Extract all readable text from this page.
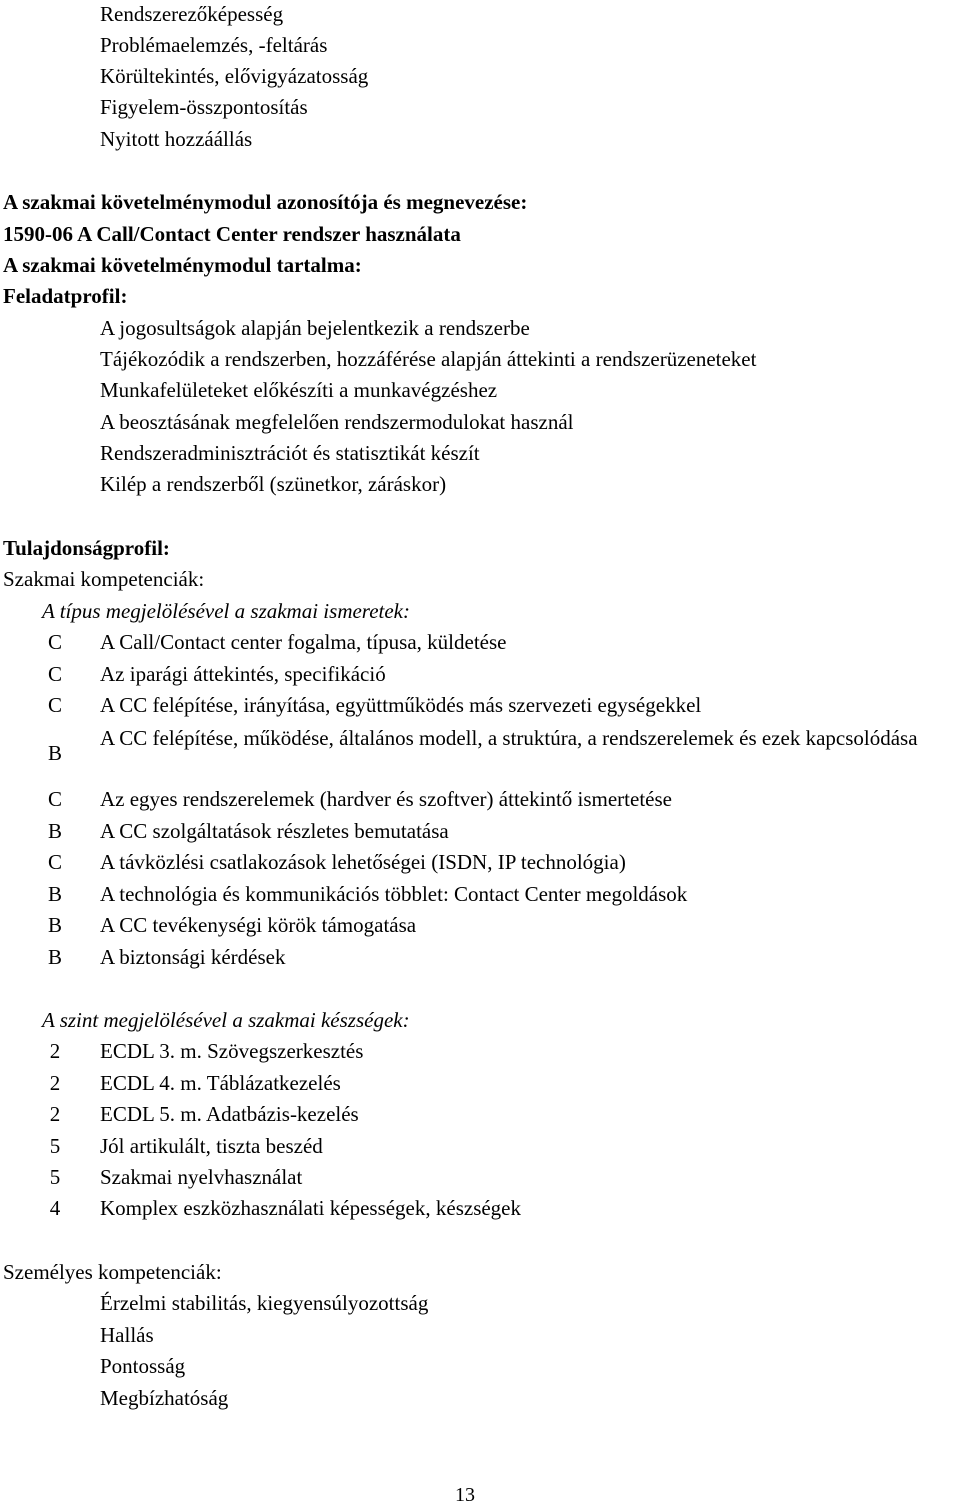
Rendszerezőképesség
Problémaelemzés, -feltárás
Körültekintés, elővigyázatosság
Figyelem-összpontosítás
Nyitott hozzáállás
A szakmai követelménymodul azonosítója és megnevezése:
1590-06 A Call/Contact Center rendszer használata
A szakmai követelménymodul tartalma:
Feladatprofil:
A jogosultságok alapján bejelentkezik a rendszerbe
Tájékozódik a rendszerben, hozzáférése alapján áttekinti a rendszerüzeneteket
Munkafelületeket előkészíti a munkavégzéshez
A beosztásának megfelelően rendszermodulokat használ
Rendszeradminisztrációt és statisztikát készít
Kilép a rendszerből (szünetkor, záráskor)
Tulajdonságprofil:
Szakmai kompetenciák:
A típus megjelölésével a szakmai ismeretek:
C A Call/Contact center fogalma, típusa, küldetése
C Az iparági áttekintés, specifikáció
C A CC felépítése, irányítása, együttműködés más szervezeti egységekkel
B
A CC felépítése, működése, általános modell, a struktúra, a rendszerelemek és ezek kapcsolódása
C Az egyes rendszerelemek (hardver és szoftver) áttekintő ismertetése
B A CC szolgáltatások részletes bemutatása
C A távközlési csatlakozások lehetőségei (ISDN, IP technológia)
B A technológia és kommunikációs többlet: Contact Center megoldások
B A CC tevékenységi körök támogatása
B A biztonsági kérdések
A szint megjelölésével a szakmai készségek:
2 ECDL 3. m. Szövegszerkesztés
2 ECDL 4. m. Táblázatkezelés
2 ECDL 5. m. Adatbázis-kezelés
5 Jól artikulált, tiszta beszéd
5 Szakmai nyelvhasználat
4 Komplex eszközhasználati képességek, készségek
Személyes kompetenciák:
Érzelmi stabilitás, kiegyensúlyozottság
Hallás
Pontosság
Megbízhatóság
13
